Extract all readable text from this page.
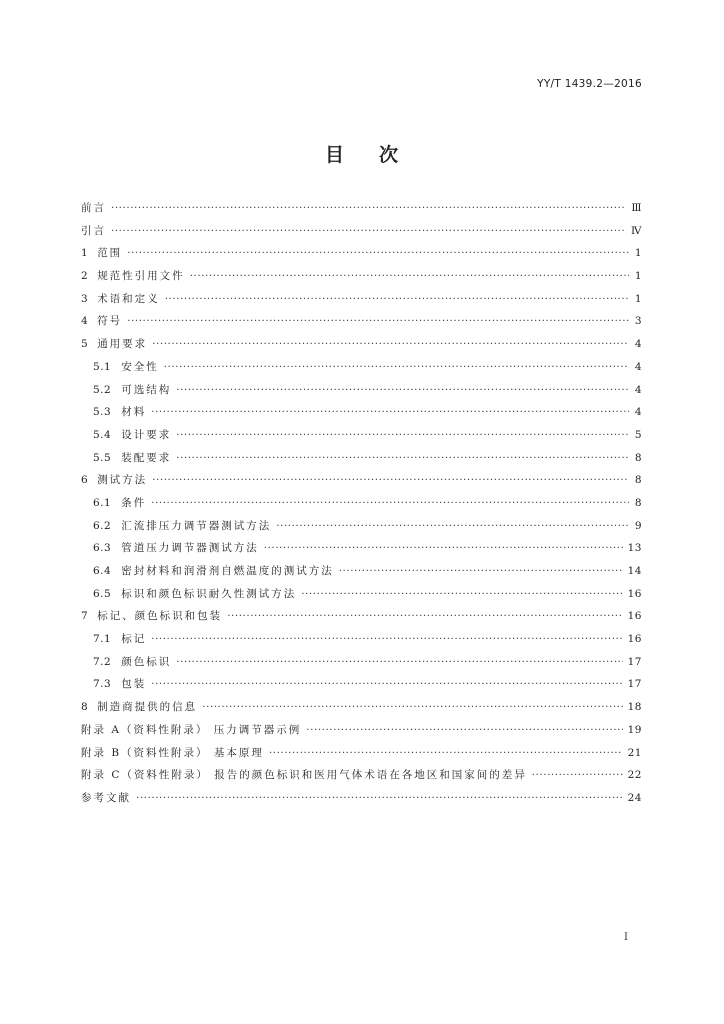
YY/T 1439.2—2016
目 次
前言 ·····	Ⅲ
引言 ·····	Ⅳ
1 范围 ·····	1
2 规范性引用文件 ·····	1
3 术语和定义 ·····	1
4 符号 ·····	3
5 通用要求 ·····	4
5.1 安全性 ·····	4
5.2 可选结构 ·····	4
5.3 材料 ·····	4
5.4 设计要求 ·····	5
5.5 装配要求 ·····	8
6 测试方法 ·····	8
6.1 条件 ·····	8
6.2 汇流排压力调节器测试方法 ·····	9
6.3 管道压力调节器测试方法 ·····	13
6.4 密封材料和润滑剂自燃温度的测试方法 ·····	14
6.5 标识和颜色标识耐久性测试方法 ·····	16
7 标记、颜色标识和包装 ·····	16
7.1 标记 ·····	16
7.2 颜色标识 ·····	17
7.3 包装 ·····	17
8 制造商提供的信息 ·····	18
附录 A（资料性附录） 压力调节器示例 ·····	19
附录 B（资料性附录） 基本原理 ·····	21
附录 C（资料性附录） 报告的颜色标识和医用气体术语在各地区和国家间的差异 ·····	22
参考文献 ·····	24
I
